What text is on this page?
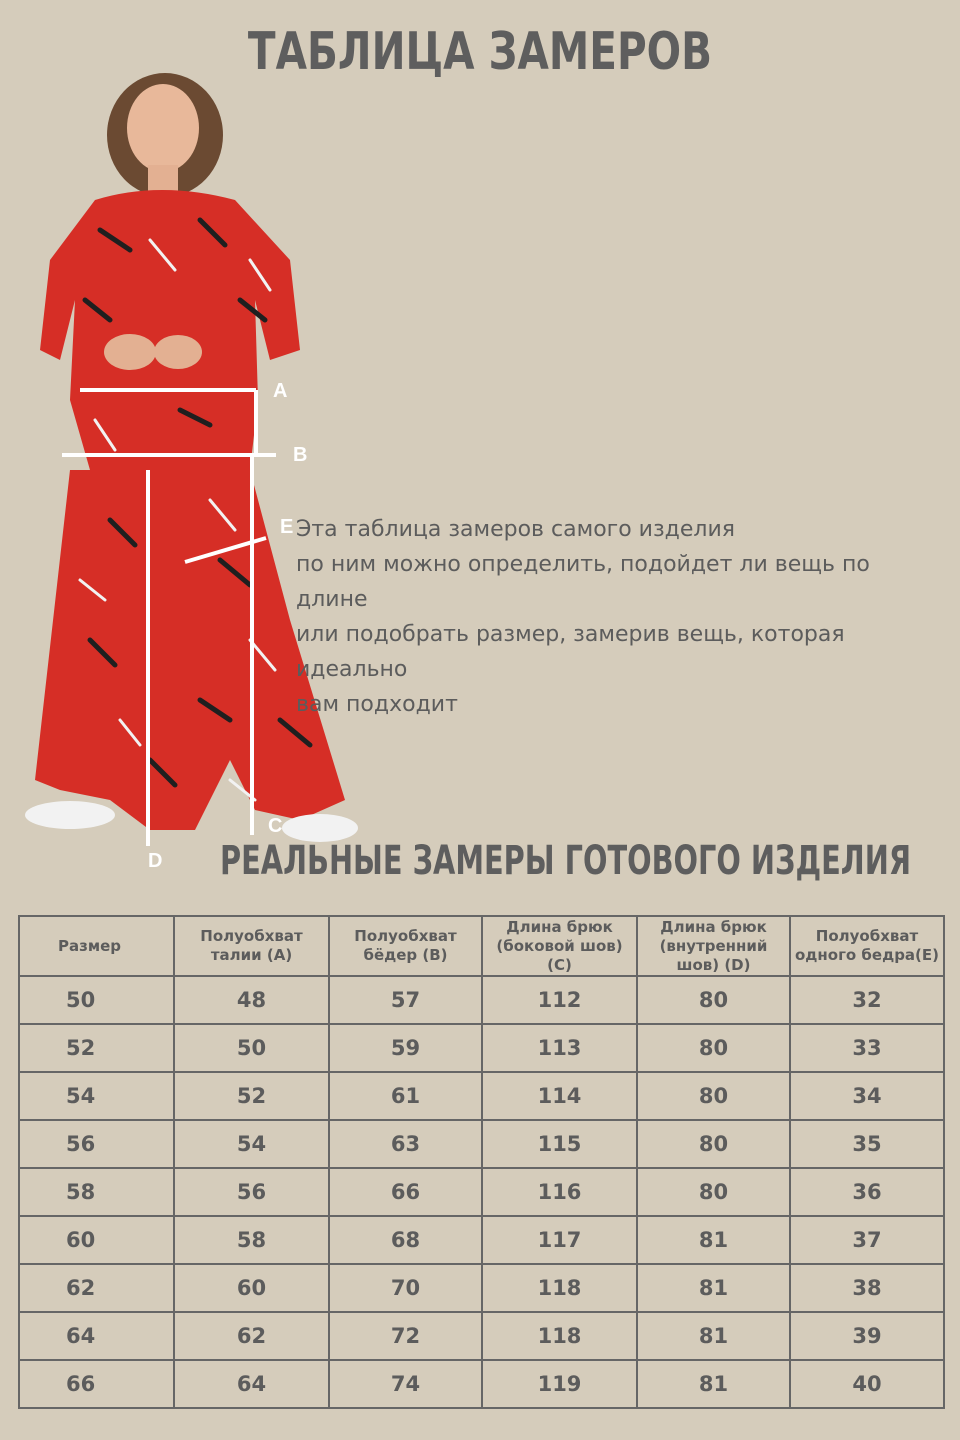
ТАБЛИЦА ЗАМЕРОВ
A
B
E
C
D

Эта таблица замеров самого изделия

по ним можно определить, подойдет ли вещь по длине

или подобрать размер, замерив вещь, которая идеально

вам подходит

РЕАЛЬНЫЕ ЗАМЕРЫ ГОТОВОГО ИЗДЕЛИЯ
Размер	Полуобхват талии (A)	Полуобхват бёдер (B)	Длина брюк (боковой шов) (C)	Длина брюк (внутренний шов) (D)	Полуобхват одного бедра(E)
50	48	57	112	80	32
52	50	59	113	80	33
54	52	61	114	80	34
56	54	63	115	80	35
58	56	66	116	80	36
60	58	68	117	81	37
62	60	70	118	81	38
64	62	72	118	81	39
66	64	74	119	81	40
